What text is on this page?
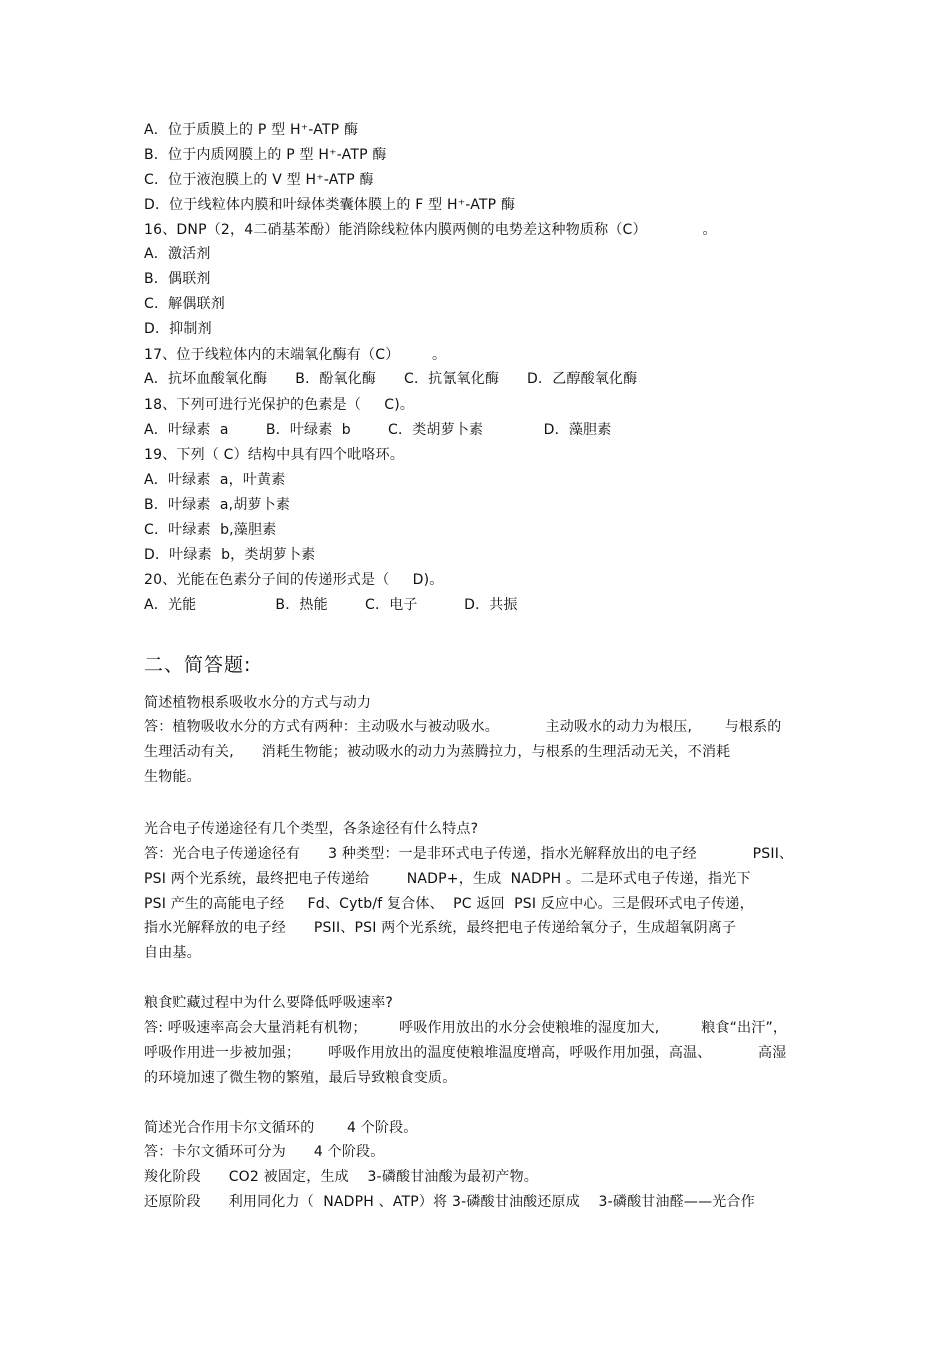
A．位于质膜上的 P 型 H⁺-ATP 酶
B．位于内质网膜上的 P 型 H⁺-ATP 酶
C．位于液泡膜上的 V 型 H⁺-ATP 酶
D．位于线粒体内膜和叶绿体类囊体膜上的 F 型 H⁺-ATP 酶
16、DNP（2，4二硝基苯酚）能消除线粒体内膜两侧的电势差这种物质称（C）            。
A．激活剂
B．偶联剂
C．解偶联剂
D．抑制剂
17、位于线粒体内的末端氧化酶有（C）       。
A．抗坏血酸氧化酶      B．酚氧化酶      C．抗氰氧化酶      D．乙醇酸氧化酶
18、下列可进行光保护的色素是（     C)。
A．叶绿素  a        B．叶绿素  b        C．类胡萝卜素             D．藻胆素
19、下列（ C）结构中具有四个吡咯环。
A．叶绿素  a，叶黄素
B．叶绿素  a,胡萝卜素
C．叶绿素  b,藻胆素
D．叶绿素  b，类胡萝卜素
20、光能在色素分子间的传递形式是（     D)。
A．光能                 B．热能        C．电子          D．共振
二、简答题:
简述植物根系吸收水分的方式与动力
答：植物吸收水分的方式有两种：主动吸水与被动吸水。          主动吸水的动力为根压,       与根系的
生理活动有关,      消耗生物能；被动吸水的动力为蒸腾拉力，与根系的生理活动无关，不消耗
生物能。
光合电子传递途径有几个类型，各条途径有什么特点?
答：光合电子传递途径有      3 种类型：一是非环式电子传递，指水光解释放出的电子经            PSII、
PSI 两个光系统，最终把电子传递给        NADP+，生成  NADPH 。二是环式电子传递，指光下
PSI 产生的高能电子经     Fd、Cytb/f 复合体、  PC 返回  PSI 反应中心。三是假环式电子传递，
指水光解释放的电子经      PSII、PSI 两个光系统，最终把电子传递给氧分子，生成超氧阴离子
自由基。
粮食贮藏过程中为什么要降低呼吸速率?
答: 呼吸速率高会大量消耗有机物；       呼吸作用放出的水分会使粮堆的湿度加大,         粮食“出汗”，
呼吸作用进一步被加强；      呼吸作用放出的温度使粮堆温度增高，呼吸作用加强，高温、          高湿
的环境加速了微生物的繁殖，最后导致粮食变质。
简述光合作用卡尔文循环的       4 个阶段。
答：卡尔文循环可分为      4 个阶段。
羧化阶段      CO2 被固定，生成    3-磷酸甘油酸为最初产物。
还原阶段      利用同化力（  NADPH 、ATP）将 3-磷酸甘油酸还原成    3-磷酸甘油醛——光合作
